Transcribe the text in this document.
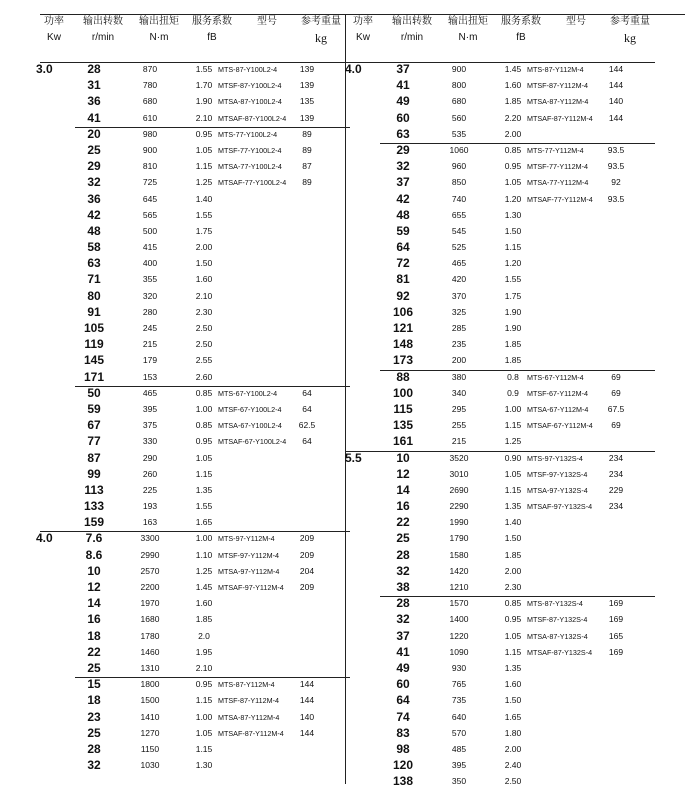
功率
Kw
输出转数
r/min
输出扭矩
N·m
服务系数
fB
型号	参考重量
kg
3.0	28	870	1.55 MTS-87-Y100L2-4	139
31	780	1.70 MTSF-87-Y100L2-4	139
36	680	1.90 MTSA-87-Y100L2-4	135
41	610	2.10 MTSAF-87-Y100L2-4	139
20	980	0.95 MTS-77-Y100L2-4	89
25	900	1.05 MTSF-77-Y100L2-4	89
29	810	1.15 MTSA-77-Y100L2-4	87
32	725	1.25 MTSAF-77-Y100L2-4	89
36	645	1.40
42	565	1.55
48	500	1.75
58	415	2.00
63	400	1.50
71	355	1.60
80	320	2.10
91	280	2.30
105	245	2.50
119	215	2.50
145	179	2.55
171	153	2.60
50	465	0.85 MTS-67-Y100L2-4	64
59	395	1.00 MTSF-67-Y100L2-4	64
67	375	0.85 MTSA-67-Y100L2-4	62.5
77	330	0.95 MTSAF-67-Y100L2-4	64
87	290	1.05
99	260	1.15
113	225	1.35
133	193	1.55
159	163	1.65
4.0	7.6	3300	1.00 MTS-97-Y112M-4	209
8.6	2990	1.10 MTSF-97-Y112M-4	209
10	2570	1.25 MTSA-97-Y112M-4	204
12	2200	1.45 MTSAF-97-Y112M-4	209
14	1970	1.60
16	1680	1.85
18	1780	2.0
22	1460	1.95
25	1310	2.10
15	1800	0.95 MTS-87-Y112M-4	144
18	1500	1.15 MTSF-87-Y112M-4	144
23	1410	1.00 MTSA-87-Y112M-4	140
25	1270	1.05 MTSAF-87-Y112M-4	144
28	1150	1.15
32	1030	1.30
功率
Kw
输出转数
r/min
输出扭矩
N·m
服务系数
fB
型号	参考重量
kg
4.0	37	900	1.45 MTS-87-Y112M-4	144
41	800	1.60 MTSF-87-Y112M-4	144
49	680	1.85 MTSA-87-Y112M-4	140
60	560	2.20 MTSAF-87-Y112M-4	144
63	535	2.00
29	1060	0.85 MTS-77-Y112M-4	93.5
32	960	0.95 MTSF-77-Y112M-4	93.5
37	850	1.05 MTSA-77-Y112M-4	92
42	740	1.20 MTSAF-77-Y112M-4	93.5
48	655	1.30
59	545	1.50
64	525	1.15
72	465	1.20
81	420	1.55
92	370	1.75
106	325	1.90
121	285	1.90
148	235	1.85
173	200	1.85
88	380	0.8	MTS-67-Y112M-4	69
100	340	0.9	MTSF-67-Y112M-4	69
115	295	1.00 MTSA-67-Y112M-4	67.5
135	255	1.15 MTSAF-67-Y112M-4	69
161	215	1.25
5.5	10	3520	0.90 MTS-97-Y132S-4	234
12	3010	1.05 MTSF-97-Y132S-4	234
14	2690	1.15 MTSA-97-Y132S-4	229
16	2290	1.35 MTSAF-97-Y132S-4	234
22	1990	1.40
25	1790	1.50
28	1580	1.85
32	1420	2.00
38	1210	2.30
28	1570	0.85 MTS-87-Y132S-4	169
32	1400	0.95 MTSF-87-Y132S-4	169
37	1220	1.05 MTSA-87-Y132S-4	165
41	1090	1.15 MTSAF-87-Y132S-4	169
49	930	1.35
60	765	1.60
64	735	1.50
74	640	1.65
83	570	1.80
98	485	2.00
120	395	2.40
138	350	2.50
